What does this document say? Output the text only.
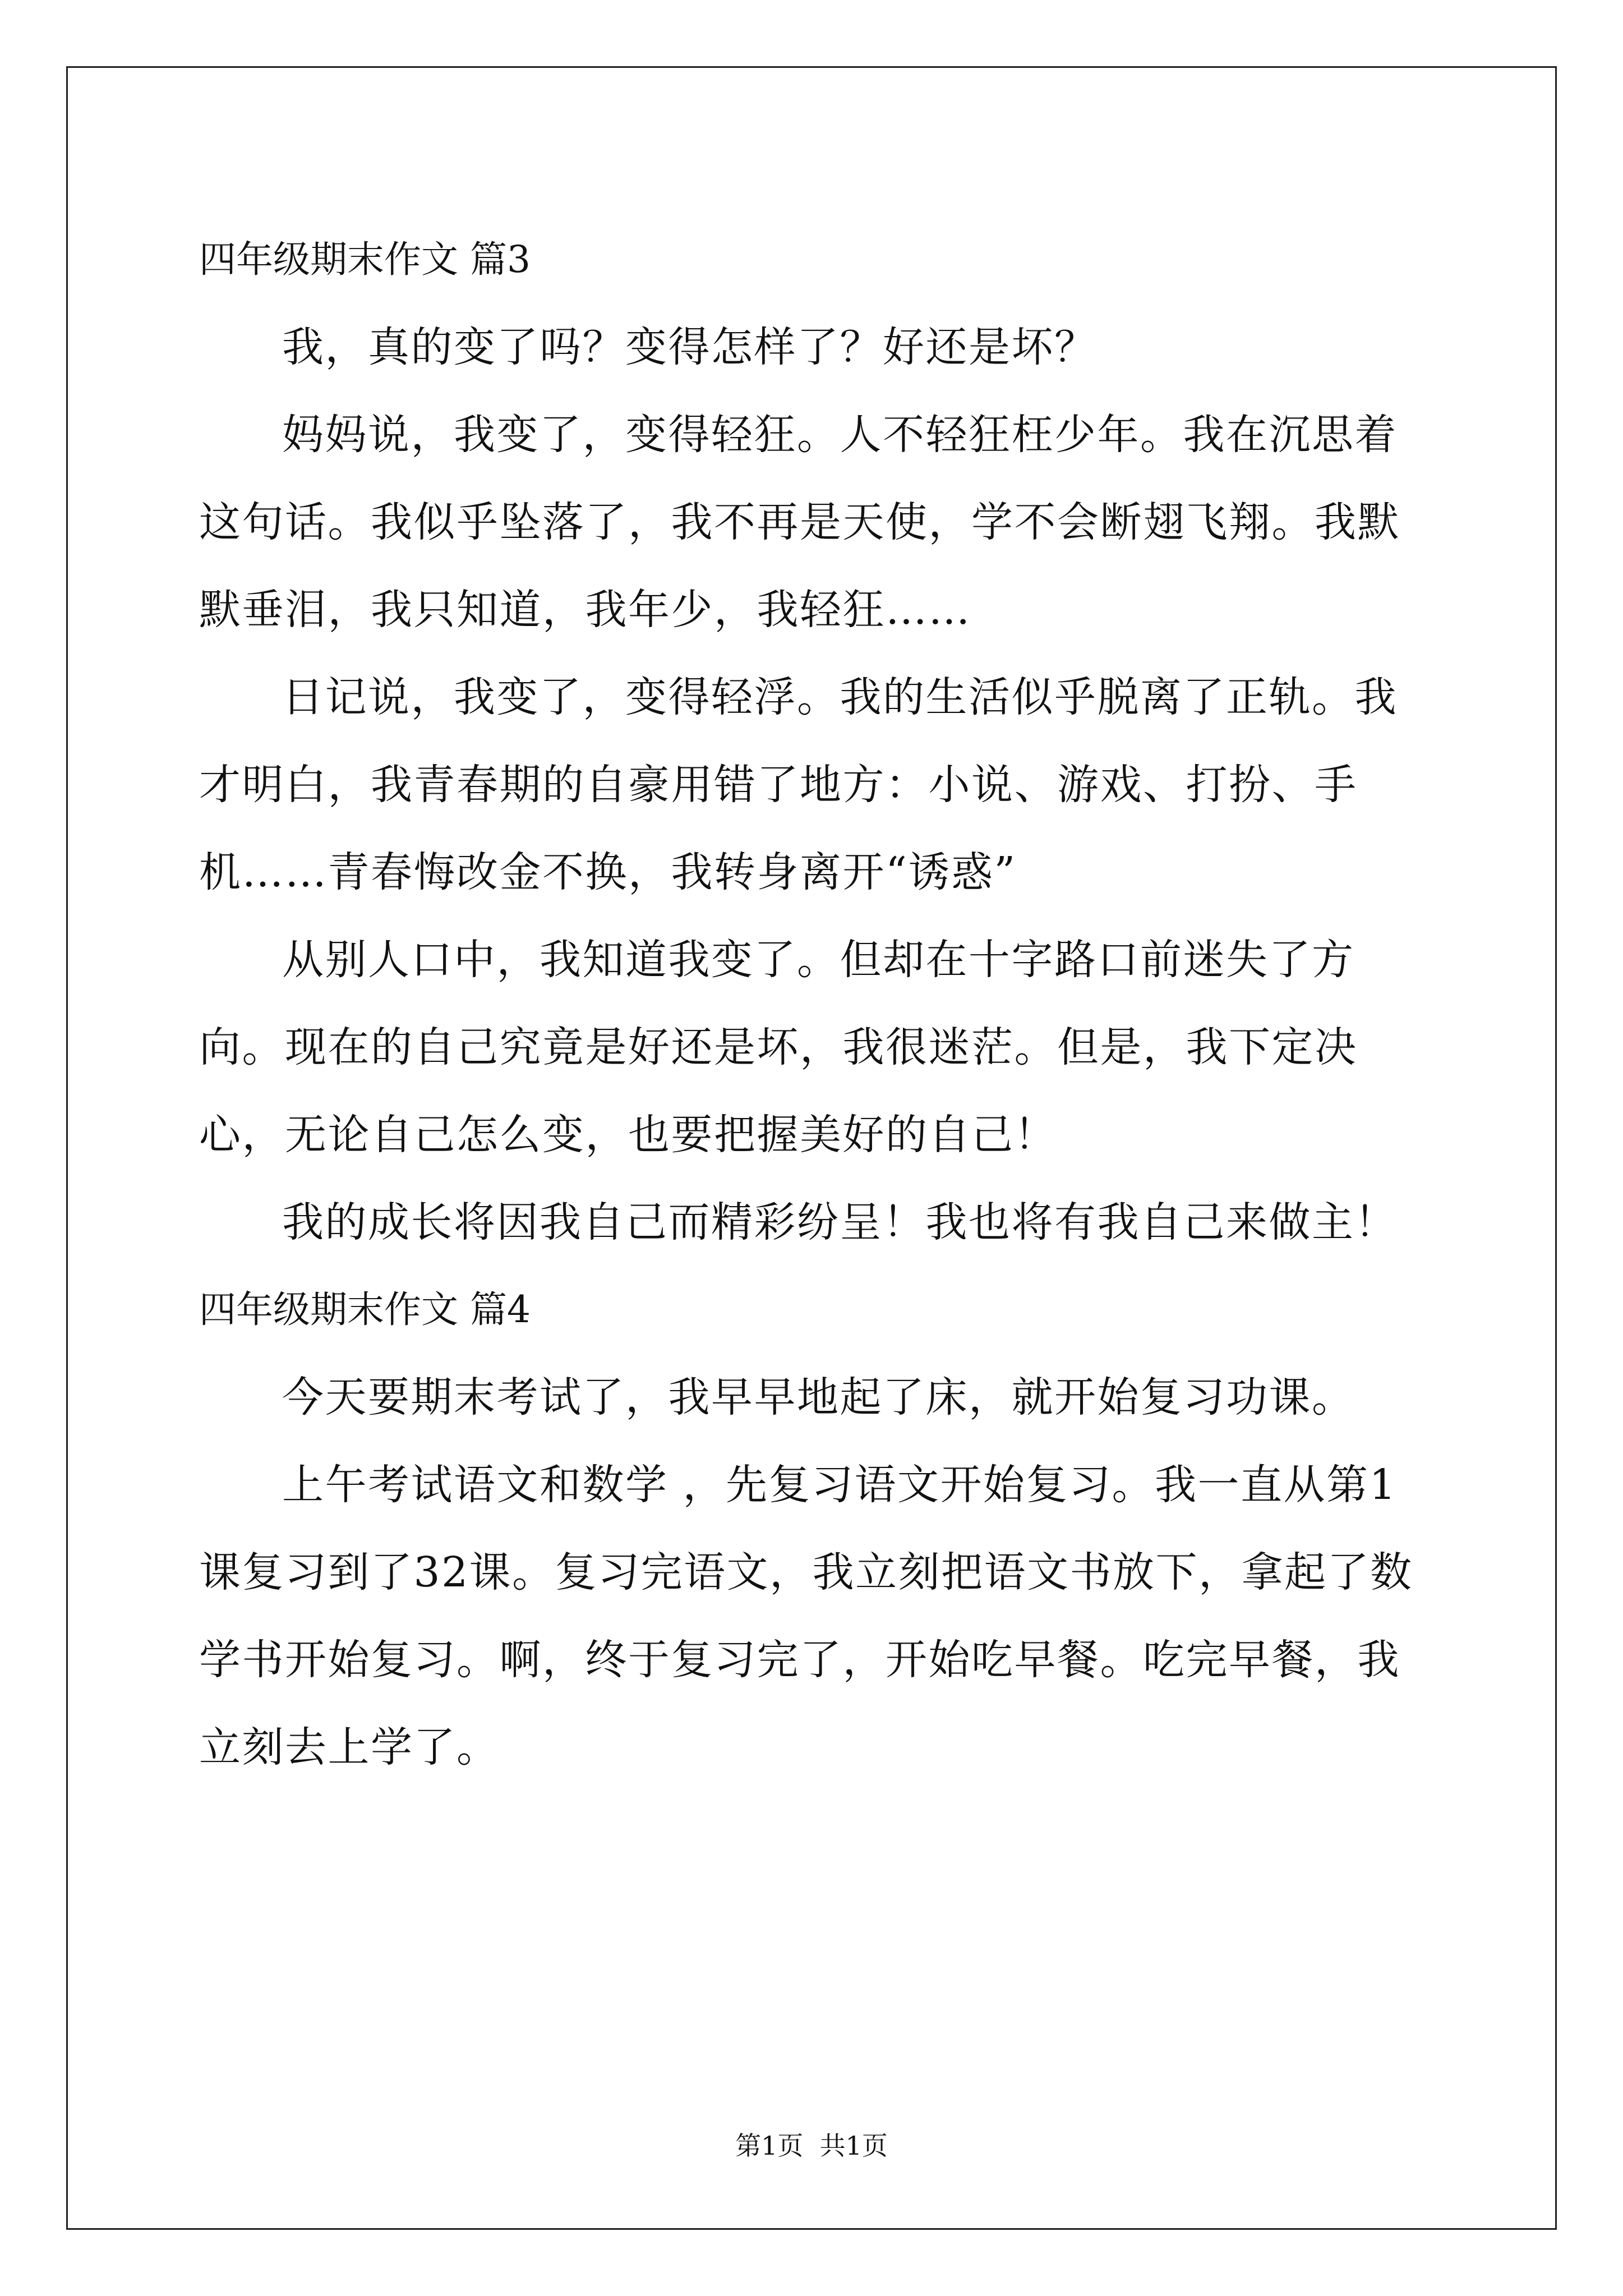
四年级期末作文 篇3

我，真的变了吗？变得怎样了？好还是坏？

妈妈说，我变了，变得轻狂。人不轻狂枉少年。我在沉思着这句话。我似乎坠落了，我不再是天使，学不会断翅飞翔。我默默垂泪，我只知道，我年少，我轻狂……

日记说，我变了，变得轻浮。我的生活似乎脱离了正轨。我才明白，我青春期的自豪用错了地方：小说、游戏、打扮、手机……青春悔改金不换，我转身离开“诱惑”

从别人口中，我知道我变了。但却在十字路口前迷失了方向。现在的自己究竟是好还是坏，我很迷茫。但是，我下定决心，无论自己怎么变，也要把握美好的自己！

我的成长将因我自己而精彩纷呈！我也将有我自己来做主！

四年级期末作文 篇4

今天要期末考试了，我早早地起了床，就开始复习功课。

上午考试语文和数学 ，先复习语文开始复习。我一直从第1课复习到了32课。复习完语文，我立刻把语文书放下，拿起了数学书开始复习。啊，终于复习完了，开始吃早餐。吃完早餐，我立刻去上学了。

第1页  共1页
